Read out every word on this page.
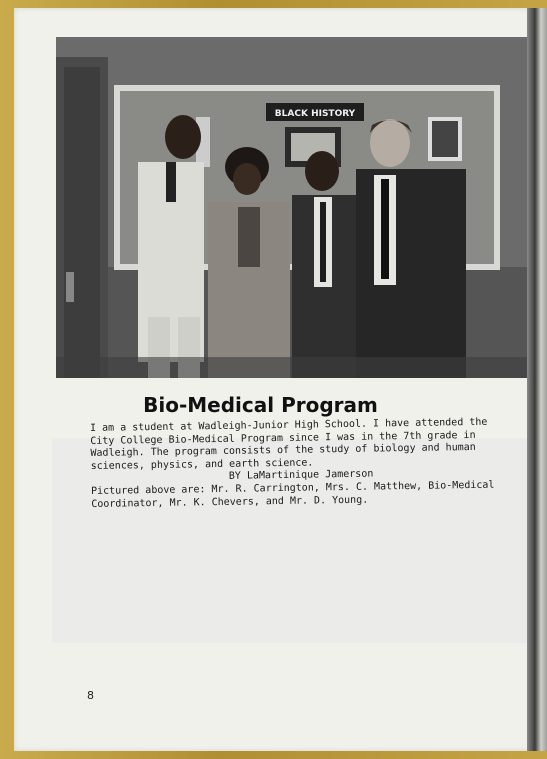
BLACK HISTORY
Bio-Medical Program

I am a student at Wadleigh-Junior High School. I have attended the City College Bio-Medical Program since I was in the 7th grade in Wadleigh. The program consists of the study of biology and human sciences, physics, and earth science.

BY LaMartinique Jamerson

Pictured above are: Mr. R. Carrington, Mrs. C. Matthew, Bio-Medical Coordinator, Mr. K. Chevers, and Mr. D. Young.

8
